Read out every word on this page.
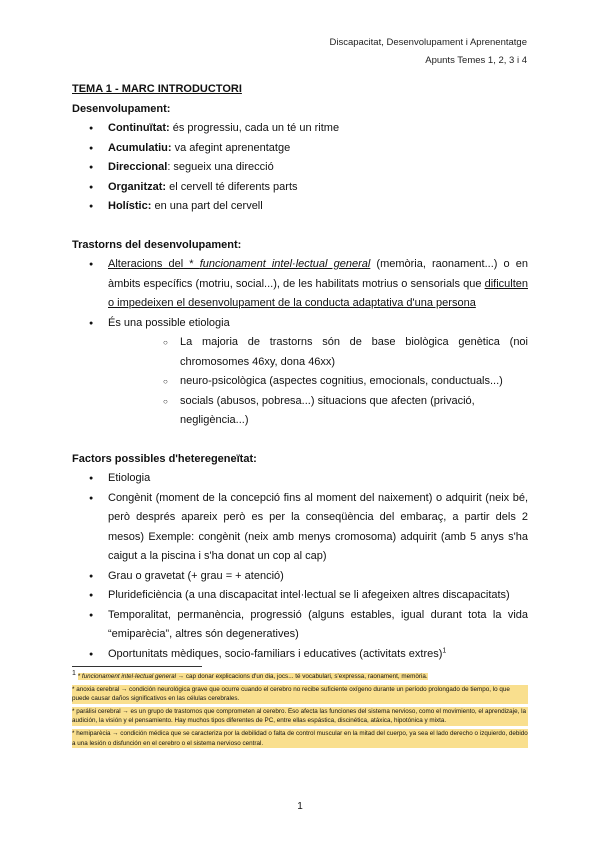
Discapacitat, Desenvolupament i Aprenentatge
Apunts Temes 1, 2, 3 i 4
TEMA 1 - MARC INTRODUCTORI
Desenvolupament:
● Continuïtat: és progressiu, cada un té un ritme
● Acumulatiu: va afegint aprenentatge
● Direccional: segueix una direcció
● Organitzat: el cervell té diferents parts
● Holístic: en una part del cervell
Trastorns del desenvolupament:
● Alteracions del * funcionament intel·lectual general (memòria, raonament...) o en àmbits específics (motriu, social...), de les habilitats motrius o sensorials que dificulten o impedeixen el desenvolupament de la conducta adaptativa d'una persona
● És una possible etiologia
○ La majoria de trastorns són de base biològica genètica (noi chromosomes 46xy, dona 46xx)
○ neuro-psicològica (aspectes cognitius, emocionals, conductuals...)
○ socials (abusos, pobresa...) situacions que afecten (privació, negligència...)
Factors possibles d'heteregeneïtat:
● Etiologia
● Congènit (moment de la concepció fins al moment del naixement) o adquirit (neix bé, però després apareix però es per la conseqüència del embaraç, a partir dels 2 mesos) Exemple: congènit (neix amb menys cromosoma) adquirit (amb 5 anys s'ha caigut a la piscina i s'ha donat un cop al cap)
● Grau o gravetat (+ grau = + atenció)
● Plurideficiència (a una discapacitat intel·lectual se li afegeixen altres discapacitats)
● Temporalitat, permanència, progressió (alguns estables, igual durant tota la vida “emiparècia”, altres són degeneratives)
● Oportunitats mèdiques, socio-familiars i educatives (activitats extres)$^1$
$^1$ * funcionament intel·lectual general → cap donar explicacions d'un dia, jocs... té vocabulari, s'expressa, raonament, memòria.
* anoxia cerebral → condición neurológica grave que ocurre cuando el cerebro no recibe suficiente oxígeno durante un período prolongado de tiempo, lo que puede causar daños significativos en las células cerebrales.
* parálisi cerebral → es un grupo de trastornos que comprometen al cerebro. Eso afecta las funciones del sistema nervioso, como el movimiento, el aprendizaje, la audición, la visión y el pensamiento. Hay muchos tipos diferentes de PC, entre ellas espástica, discinética, atáxica, hipotónica y mixta.
* hemiparècia → condición médica que se caracteriza por la debilidad o falta de control muscular en la mitad del cuerpo, ya sea el lado derecho o izquierdo, debido a una lesión o disfunción en el cerebro o el sistema nervioso central.
1
